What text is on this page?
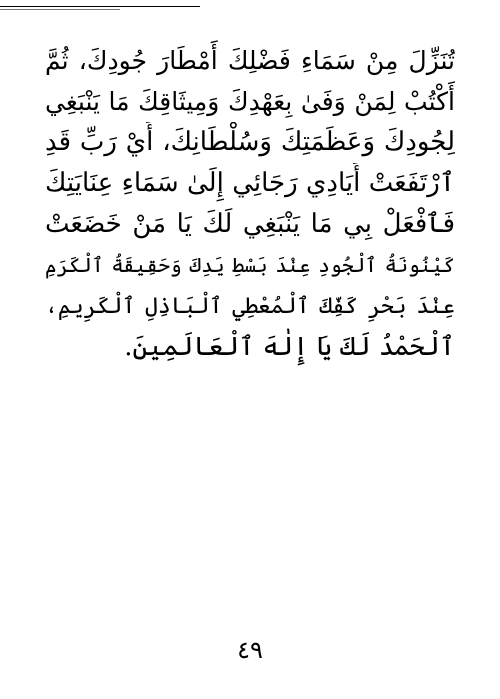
تُنَزِّلَ مِنْ سَمَاءِ فَضْلِكَ أَمْطَارَ جُودِكَ، ثُمَّ
أَكْتُبْ لِمَنْ وَفَىٰ بِعَهْدِكَ وَمِيثَاقِكَ مَا يَنْبَغِي
لِجُودِكَ وَعَظَمَتِكَ وَسُلْطَانِكَ، أَيْ رَبِّ قَدِ
ٱرْتَفَعَتْ أَيَادِي رَجَائِي إِلَىٰ سَمَاءِ عِنَايَتِكَ
فَٱفْعَلْ بِي مَا يَنْبَغِي لَكَ يَا مَنْ خَضَعَتْ
كَيْنُونَةُ ٱلْجُودِ عِنْدَ بَسْطِ يَدِكَ وَحَقِيقَةُ ٱلْكَرَمِ
عِنْدَ بَحْرِ كَفِّكَ ٱلْمُعْطِي ٱلْبَاذِلِ ٱلْكَرِيمِ،
ٱلْحَمْدُ لَكَ يَا إِلٰهَ ٱلْعَالَمِينَ.
٤٩
